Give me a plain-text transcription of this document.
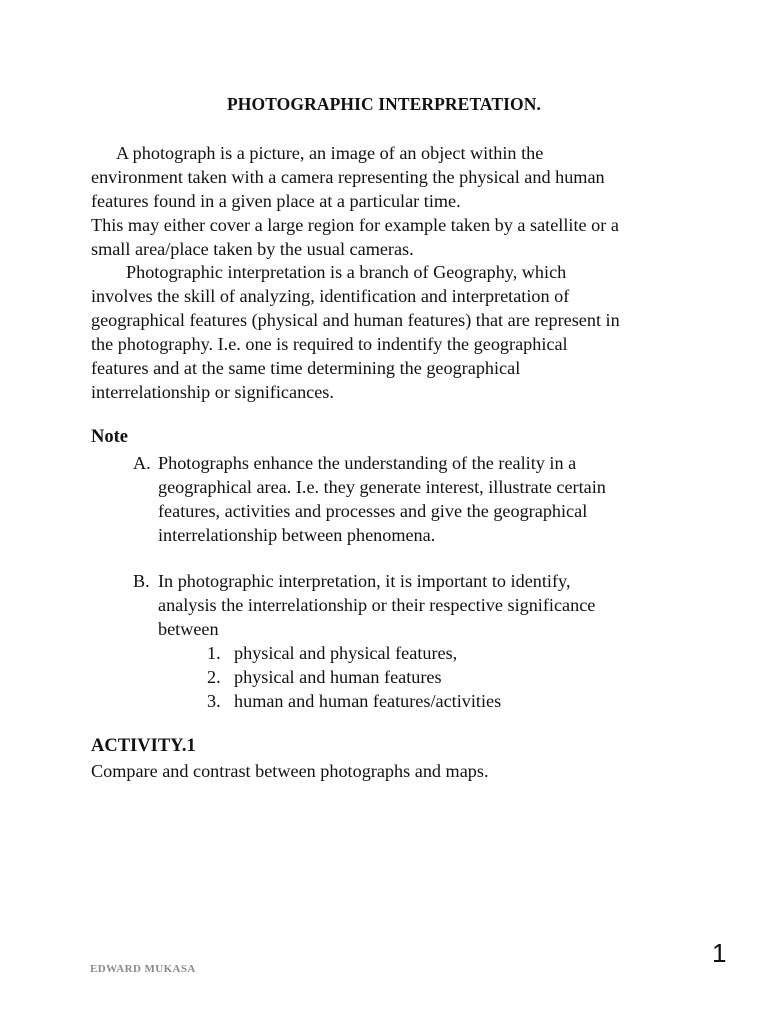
PHOTOGRAPHIC INTERPRETATION.
A photograph is a picture, an image of an object within the
environment taken with a camera representing the physical and human
features found in a given place at a particular time.
This may either cover a large region for example taken by a satellite or a
small area/place taken by the usual cameras.
Photographic interpretation is a branch of Geography, which
involves the skill of analyzing, identification and interpretation of
geographical features (physical and human features) that are represent in
the photography. I.e. one is required to indentify the geographical
features and at the same time determining the geographical
interrelationship or significances.
Note
A. Photographs enhance the understanding of the reality in a
geographical area. I.e. they generate interest, illustrate certain
features, activities and processes and give the geographical
interrelationship between phenomena.
B. In photographic interpretation, it is important to identify,
analysis the interrelationship or their respective significance
between
1. physical and physical features,
2. physical and human features
3. human and human features/activities
ACTIVITY.1
Compare and contrast between photographs and maps.
EDWARD MUKASA
1
